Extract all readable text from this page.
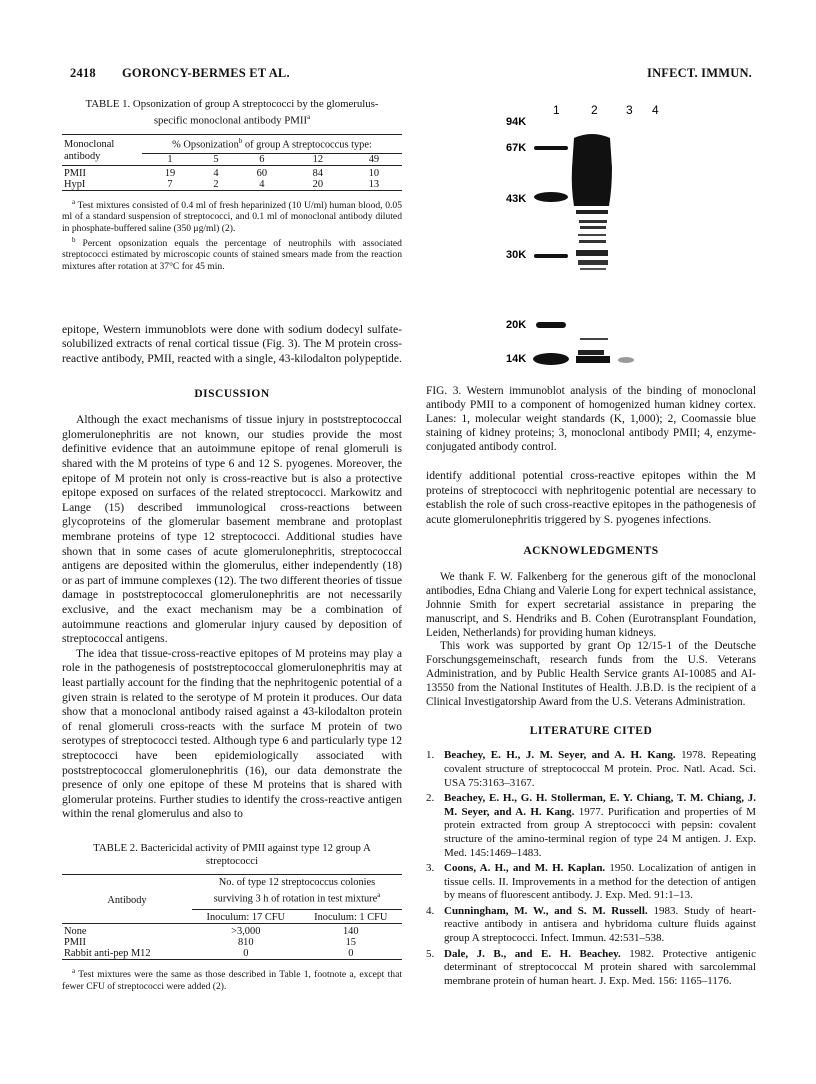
2418 GORONCY-BERMES ET AL.	INFECT. IMMUN.
TABLE 1. Opsonization of group A streptococci by the glomerulus-specific monoclonal antibody PMII$^a$

Monoclonal antibody	% Opsonization$^b$ of group A streptococcus type:				
	1	5	6	12	49

PMII	19	4	60	84	10
HypI	7	2	4	20	13

$^a$ Test mixtures consisted of 0.4 ml of fresh heparinized (10 U/ml) human blood, 0.05 ml of a standard suspension of streptococci, and 0.1 ml of monoclonal antibody diluted in phosphate-buffered saline (350 μg/ml) (2).
$^b$ Percent opsonization equals the percentage of neutrophils with associated streptococci estimated by microscopic counts of stained smears made from the reaction mixtures after rotation at 37°C for 45 min.

epitope, Western immunoblots were done with sodium dodecyl sulfate-solubilized extracts of renal cortical tissue (Fig. 3). The M protein cross-reactive antibody, PMII, reacted with a single, 43-kilodalton polypeptide.

DISCUSSION

Although the exact mechanisms of tissue injury in poststreptococcal glomerulonephritis are not known, our studies provide the most definitive evidence that an autoimmune epitope of renal glomeruli is shared with the M proteins of type 6 and 12 S. pyogenes. Moreover, the epitope of M protein not only is cross-reactive but is also a protective epitope exposed on surfaces of the related streptococci. Markowitz and Lange (15) described immunological cross-reactions between glycoproteins of the glomerular basement membrane and protoplast membrane proteins of type 12 streptococci. Additional studies have shown that in some cases of acute glomerulonephritis, streptococcal antigens are deposited within the glomerulus, either independently (18) or as part of immune complexes (12). The two different theories of tissue damage in poststreptococcal glomerulonephritis are not necessarily exclusive, and the exact mechanism may be a combination of autoimmune reactions and glomerular injury caused by deposition of streptococcal antigens.

The idea that tissue-cross-reactive epitopes of M proteins may play a role in the pathogenesis of poststreptococcal glomerulonephritis may at least partially account for the finding that the nephritogenic potential of a given strain is related to the serotype of M protein it produces. Our data show that a monoclonal antibody raised against a 43-kilodalton protein of renal glomeruli cross-reacts with the surface M protein of two serotypes of streptococci tested. Although type 6 and particularly type 12 streptococci have been epidemiologically associated with poststreptococcal glomerulonephritis (16), our data demonstrate the presence of only one epitope of these M proteins that is shared with glomerular proteins. Further studies to identify the cross-reactive antigen within the renal glomerulus and also to

TABLE 2. Bactericidal activity of PMII against type 12 group A streptococci

Antibody	No. of type 12 streptococcus colonies surviving 3 h of rotation in test mixture$^a$
	Inoculum: 17 CFU	Inoculum: 1 CFU

None	>3,000	140
PMII	810	15
Rabbit anti-pep M12	0	0

$^a$ Test mixtures were the same as those described in Table 1, footnote a, except that fewer CFU of streptococci were added (2).
1	2 3 4
94K
67K
43K
30K
20K
14K

FIG. 3. Western immunoblot analysis of the binding of monoclonal antibody PMII to a component of homogenized human kidney cortex. Lanes: 1, molecular weight standards (K, 1,000); 2, Coomassie blue staining of kidney proteins; 3, monoclonal antibody PMII; 4, enzyme-conjugated antibody control.

identify additional potential cross-reactive epitopes within the M proteins of streptococci with nephritogenic potential are necessary to establish the role of such cross-reactive epitopes in the pathogenesis of acute glomerulonephritis triggered by S. pyogenes infections.

ACKNOWLEDGMENTS

We thank F. W. Falkenberg for the generous gift of the monoclonal antibodies, Edna Chiang and Valerie Long for expert technical assistance, Johnnie Smith for expert secretarial assistance in preparing the manuscript, and S. Hendriks and B. Cohen (Eurotransplant Foundation, Leiden, Netherlands) for providing human kidneys.

This work was supported by grant Op 12/15-1 of the Deutsche Forschungsgemeinschaft, research funds from the U.S. Veterans Administration, and by Public Health Service grants AI-10085 and AI-13550 from the National Institutes of Health. J.B.D. is the recipient of a Clinical Investigatorship Award from the U.S. Veterans Administration.

LITERATURE CITED
1. Beachey, E. H., J. M. Seyer, and A. H. Kang. 1978. Repeating covalent structure of streptococcal M protein. Proc. Natl. Acad. Sci. USA 75:3163–3167.
2. Beachey, E. H., G. H. Stollerman, E. Y. Chiang, T. M. Chiang, J. M. Seyer, and A. H. Kang. 1977. Purification and properties of M protein extracted from group A streptococci with pepsin: covalent structure of the amino-terminal region of type 24 M antigen. J. Exp. Med. 145:1469–1483.
3. Coons, A. H., and M. H. Kaplan. 1950. Localization of antigen in tissue cells. II. Improvements in a method for the detection of antigen by means of fluorescent antibody. J. Exp. Med. 91:1–13.
4. Cunningham, M. W., and S. M. Russell. 1983. Study of heart-reactive antibody in antisera and hybridoma culture fluids against group A streptococci. Infect. Immun. 42:531–538.
5. Dale, J. B., and E. H. Beachey. 1982. Protective antigenic determinant of streptococcal M protein shared with sarcolemmal membrane protein of human heart. J. Exp. Med. 156: 1165–1176.
